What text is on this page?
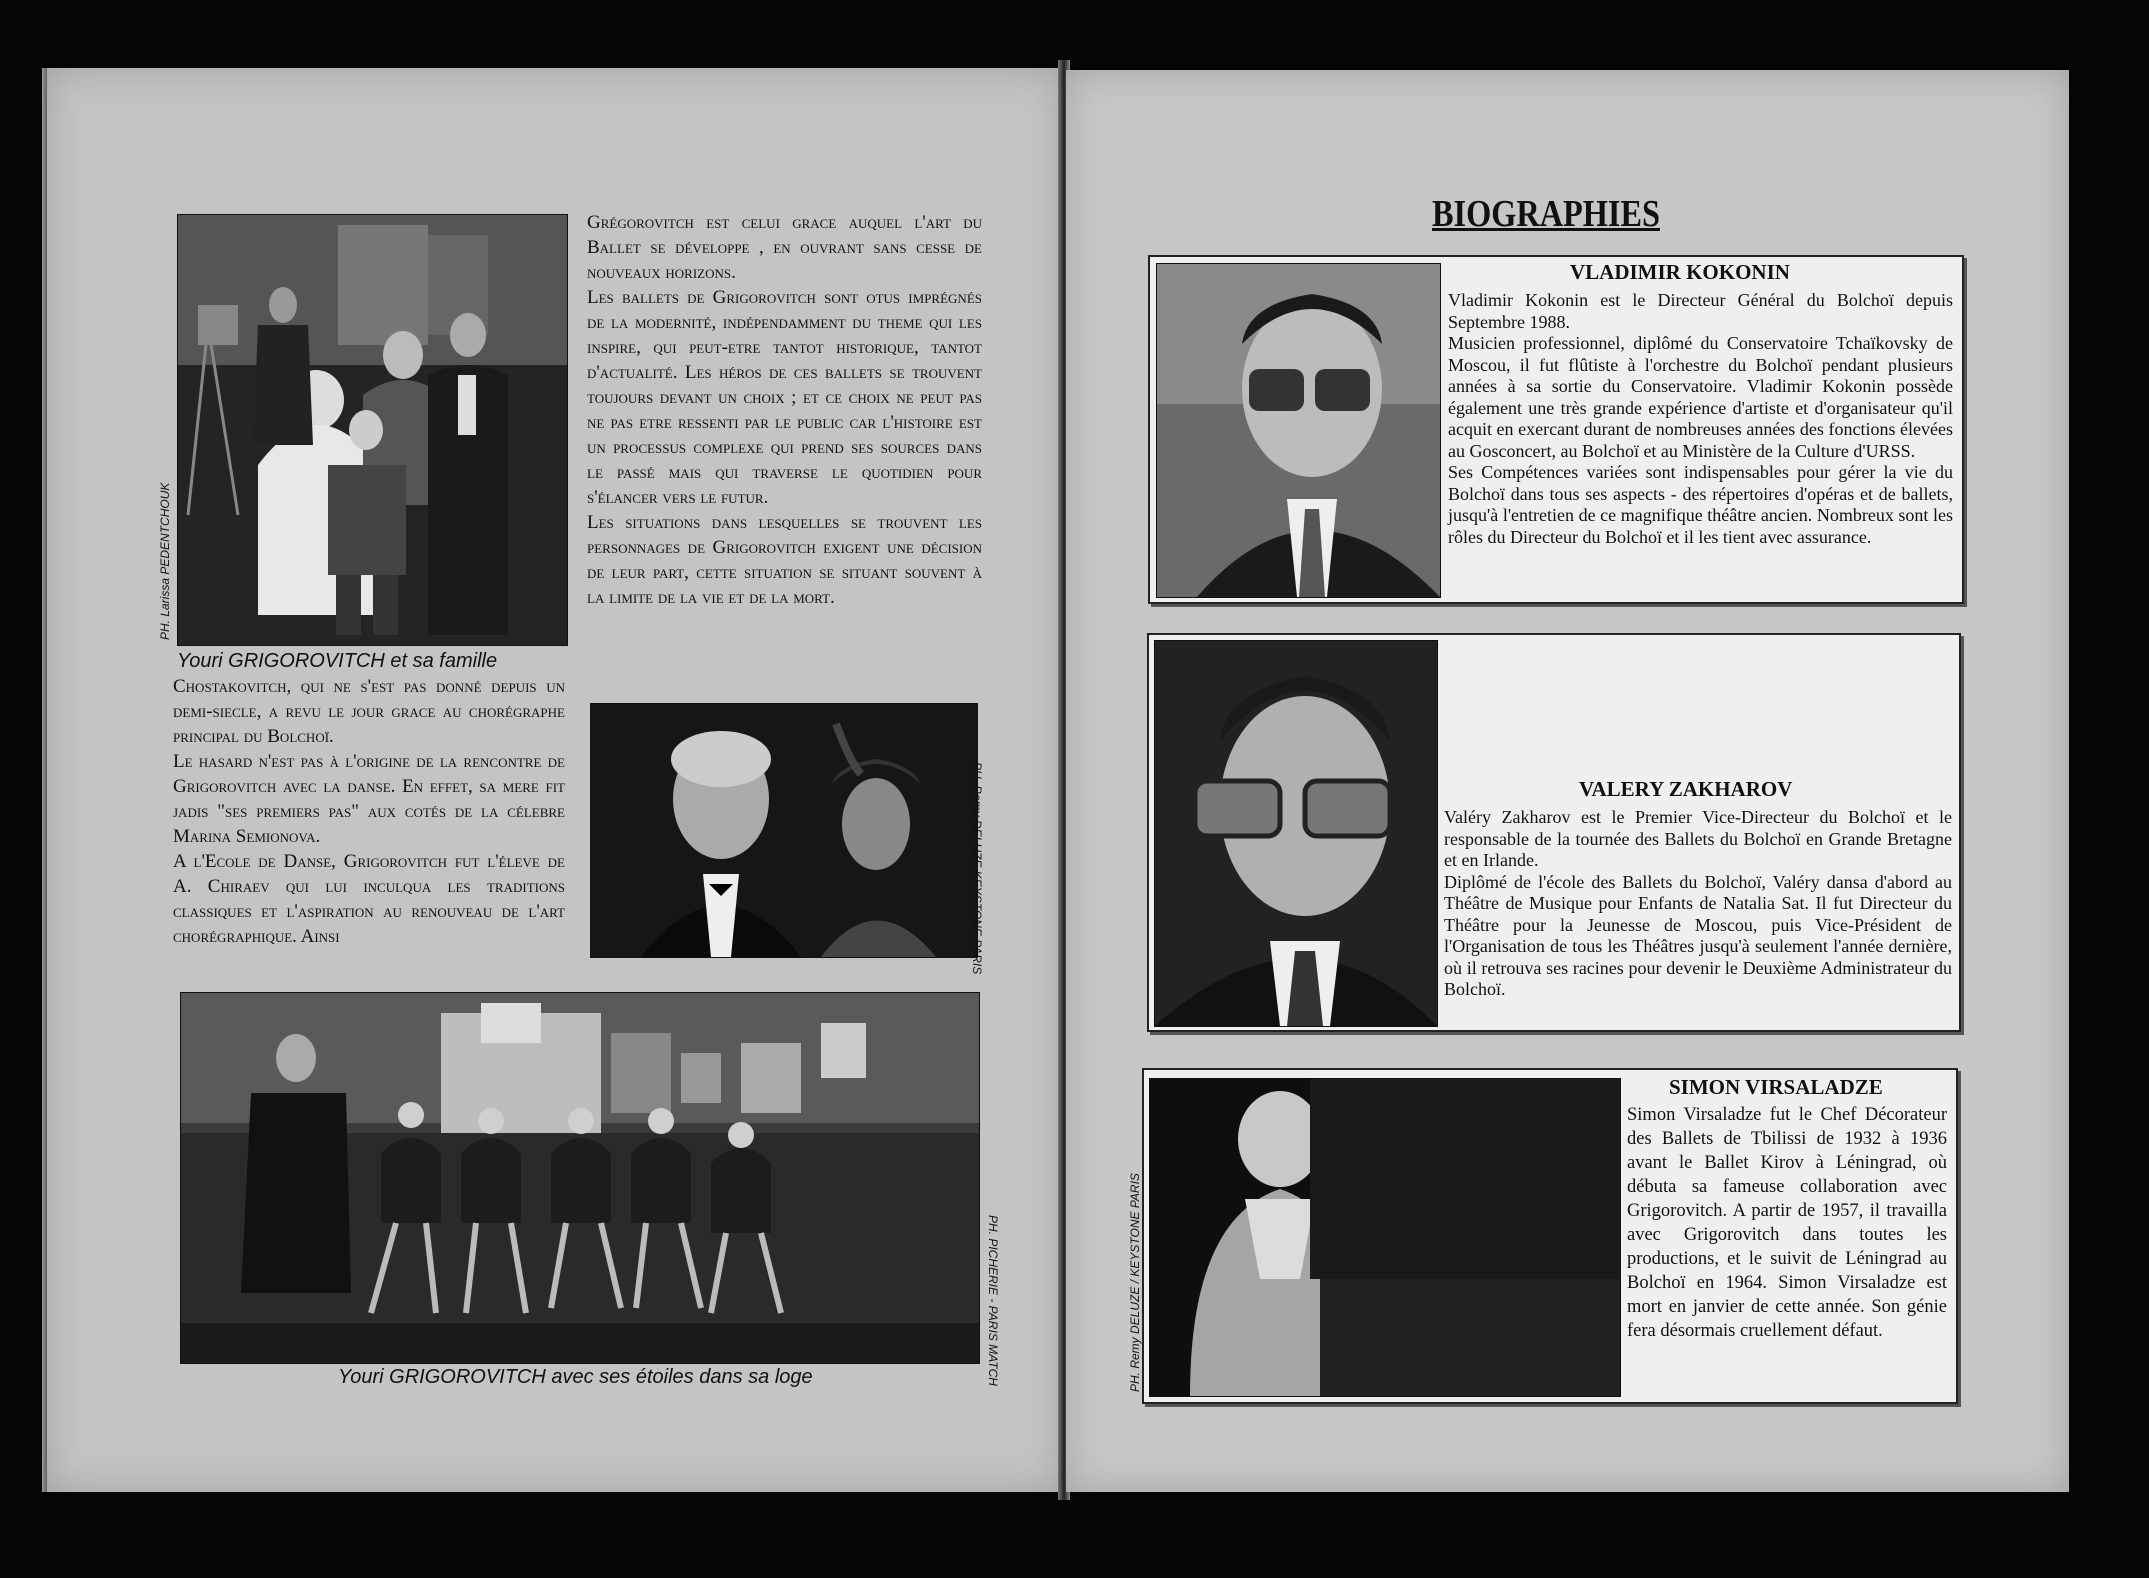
PH. Larissa PEDENTCHOUK
Youri GRIGOROVITCH et sa famille

Grégorovitch est celui grace auquel l'art du Ballet se développe , en ouvrant sans cesse de nouveaux horizons.

Les ballets de Grigorovitch sont otus imprégnés de la modernité, indépendamment du theme qui les inspire, qui peut-etre tantot historique, tantot d'actualité. Les héros de ces ballets se trouvent toujours devant un choix ; et ce choix ne peut pas ne pas etre ressenti par le public car l'histoire est un processus complexe qui prend ses sources dans le passé mais qui traverse le quotidien pour s'élancer vers le futur.

Les situations dans lesquelles se trouvent les personnages de Grigorovitch exigent une décision de leur part, cette situation se situant souvent à la limite de la vie et de la mort.

Chostakovitch, qui ne s'est pas donné depuis un demi-siecle, a revu le jour grace au chorégraphe principal du Bolchoï.

Le hasard n'est pas à l'origine de la rencontre de Grigorovitch avec la danse. En effet, sa mere fit jadis "ses premiers pas" aux cotés de la célebre Marina Semionova.

A l'Ecole de Danse, Grigorovitch fut l'éleve de A. Chiraev qui lui inculqua les traditions classiques et l'aspiration au renouveau de l'art chorégraphique. Ainsi	PH. Remy DELUZE KEYSTONE PARIS
PH. PICHERIE - PARIS MATCH
Youri GRIGOROVITCH avec ses étoiles dans sa loge
BIOGRAPHIES
VLADIMIR KOKONIN

Vladimir Kokonin est le Directeur Général du Bolchoï depuis Septembre 1988.

Musicien professionnel, diplômé du Conservatoire Tchaïkovsky de Moscou, il fut flûtiste à l'orchestre du Bolchoï pendant plusieurs années à sa sortie du Conservatoire. Vladimir Kokonin possède également une très grande expérience d'artiste et d'organisateur qu'il acquit en exercant durant de nombreuses années des fonctions élevées au Gosconcert, au Bolchoï et au Ministère de la Culture d'URSS.

Ses Compétences variées sont indispensables pour gérer la vie du Bolchoï dans tous ses aspects - des répertoires d'opéras et de ballets, jusqu'à l'entretien de ce magnifique théâtre ancien. Nombreux sont les rôles du Directeur du Bolchoï et il les tient avec assurance.

VALERY ZAKHAROV

Valéry Zakharov est le Premier Vice-Directeur du Bolchoï et le responsable de la tournée des Ballets du Bolchoï en Grande Bretagne et en Irlande.

Diplômé de l'école des Ballets du Bolchoï, Valéry dansa d'abord au Théâtre de Musique pour Enfants de Natalia Sat. Il fut Directeur du Théâtre pour la Jeunesse de Moscou, puis Vice-Président de l'Organisation de tous les Théâtres jusqu'à seulement l'année dernière, où il retrouva ses racines pour devenir le Deuxième Administrateur du Bolchoï.

SIMON VIRSALADZE

Simon Virsaladze fut le Chef Décorateur des Ballets de Tbilissi de 1932 à 1936 avant le Ballet Kirov à Léningrad, où débuta sa fameuse collaboration avec Grigorovitch. A partir de 1957, il travailla avec Grigorovitch dans toutes les productions, et le suivit de Léningrad au Bolchoï en 1964. Simon Virsaladze est mort en janvier de cette année. Son génie fera désormais cruellement défaut.

PH. Remy DELUZE / KEYSTONE PARIS
